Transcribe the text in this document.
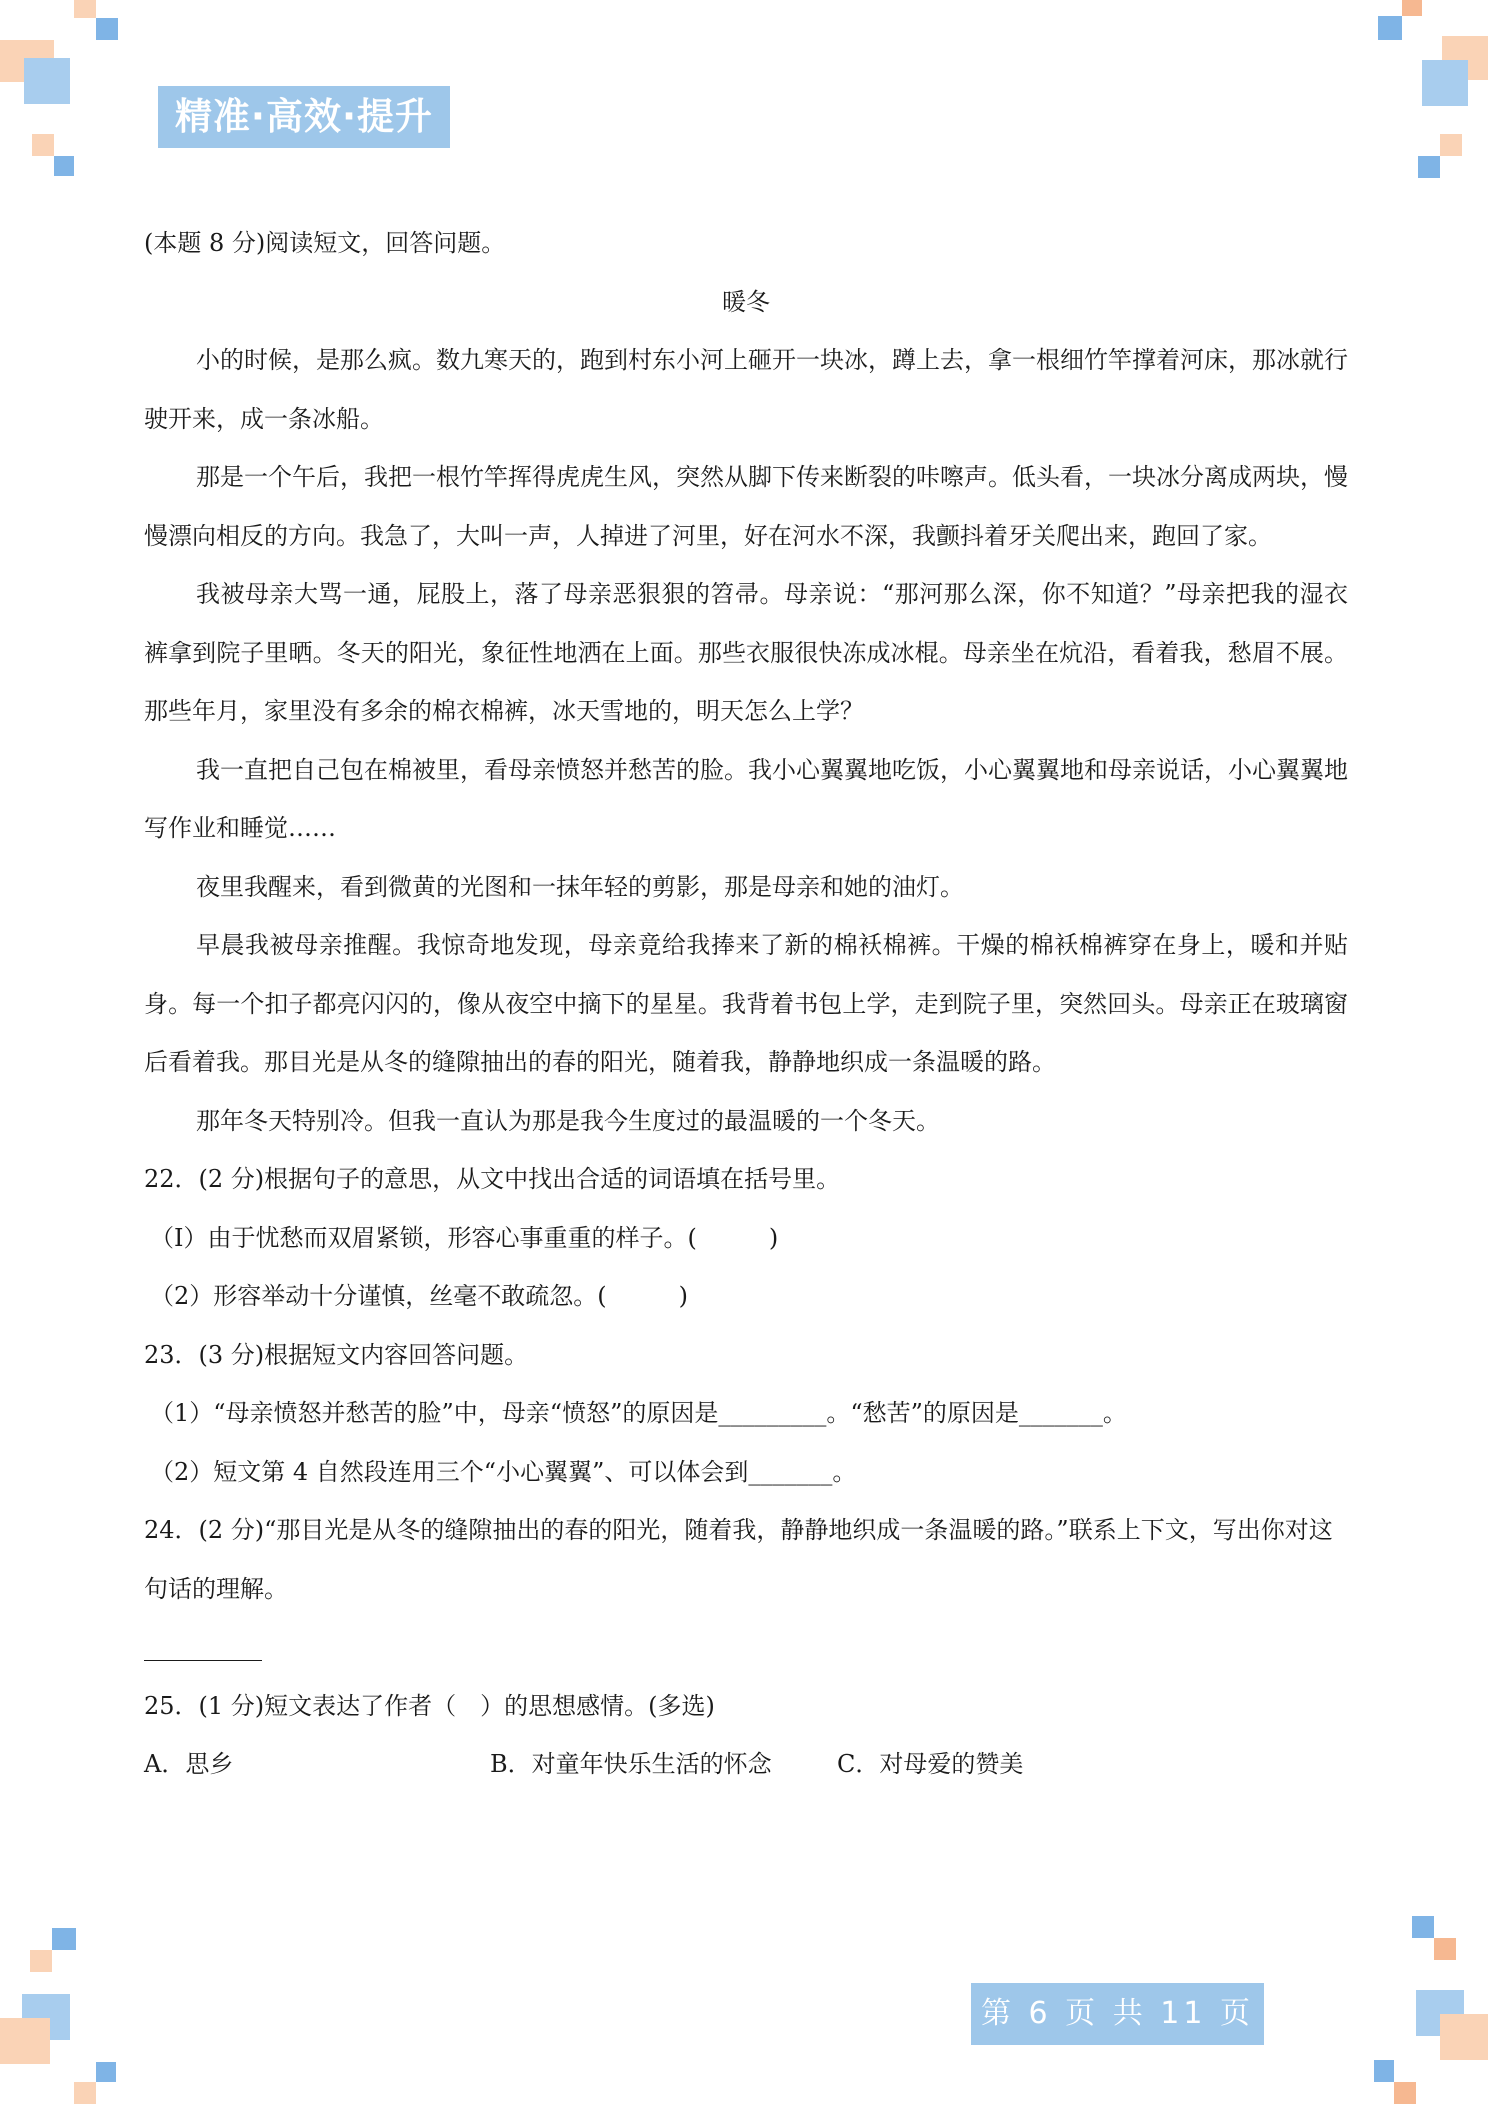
精准·高效·提升

(本题 8 分)阅读短文，回答问题。

暖冬

小的时候，是那么疯。数九寒天的，跑到村东小河上砸开一块冰，蹲上去，拿一根细竹竿撑着河床，那冰就行驶开来，成一条冰船。

那是一个午后，我把一根竹竿挥得虎虎生风，突然从脚下传来断裂的咔嚓声。低头看，一块冰分离成两块，慢慢漂向相反的方向。我急了，大叫一声，人掉进了河里，好在河水不深，我颤抖着牙关爬出来，跑回了家。

我被母亲大骂一通，屁股上，落了母亲恶狠狠的笤帚。母亲说：“那河那么深，你不知道？”母亲把我的湿衣裤拿到院子里晒。冬天的阳光，象征性地洒在上面。那些衣服很快冻成冰棍。母亲坐在炕沿，看着我，愁眉不展。那些年月，家里没有多余的棉衣棉裤，冰天雪地的，明天怎么上学？

我一直把自己包在棉被里，看母亲愤怒并愁苦的脸。我小心翼翼地吃饭，小心翼翼地和母亲说话，小心翼翼地写作业和睡觉……

夜里我醒来，看到微黄的光图和一抹年轻的剪影，那是母亲和她的油灯。

早晨我被母亲推醒。我惊奇地发现，母亲竟给我捧来了新的棉袄棉裤。干燥的棉袄棉裤穿在身上，暖和并贴身。每一个扣子都亮闪闪的，像从夜空中摘下的星星。我背着书包上学，走到院子里，突然回头。母亲正在玻璃窗后看着我。那目光是从冬的缝隙抽出的春的阳光，随着我，静静地织成一条温暖的路。

那年冬天特别冷。但我一直认为那是我今生度过的最温暖的一个冬天。

22．(2 分)根据句子的意思，从文中找出合适的词语填在括号里。

（I）由于忧愁而双眉紧锁，形容心事重重的样子。(　　　)

（2）形容举动十分谨慎，丝毫不敢疏忽。(　　　)

23．(3 分)根据短文内容回答问题。

（1）“母亲愤怒并愁苦的脸”中，母亲“愤怒”的原因是_________。“愁苦”的原因是_______。

（2）短文第 4 自然段连用三个“小心翼翼”、可以体会到_______。

24．(2 分)“那目光是从冬的缝隙抽出的春的阳光，随着我，静静地织成一条温暖的路。”联系上下文，写出你对这句话的理解。

25．(1 分)短文表达了作者（　）的思想感情。(多选)

A．思乡	B．对童年快乐生活的怀念	C．对母爱的赞美

第 6 页 共 11 页
